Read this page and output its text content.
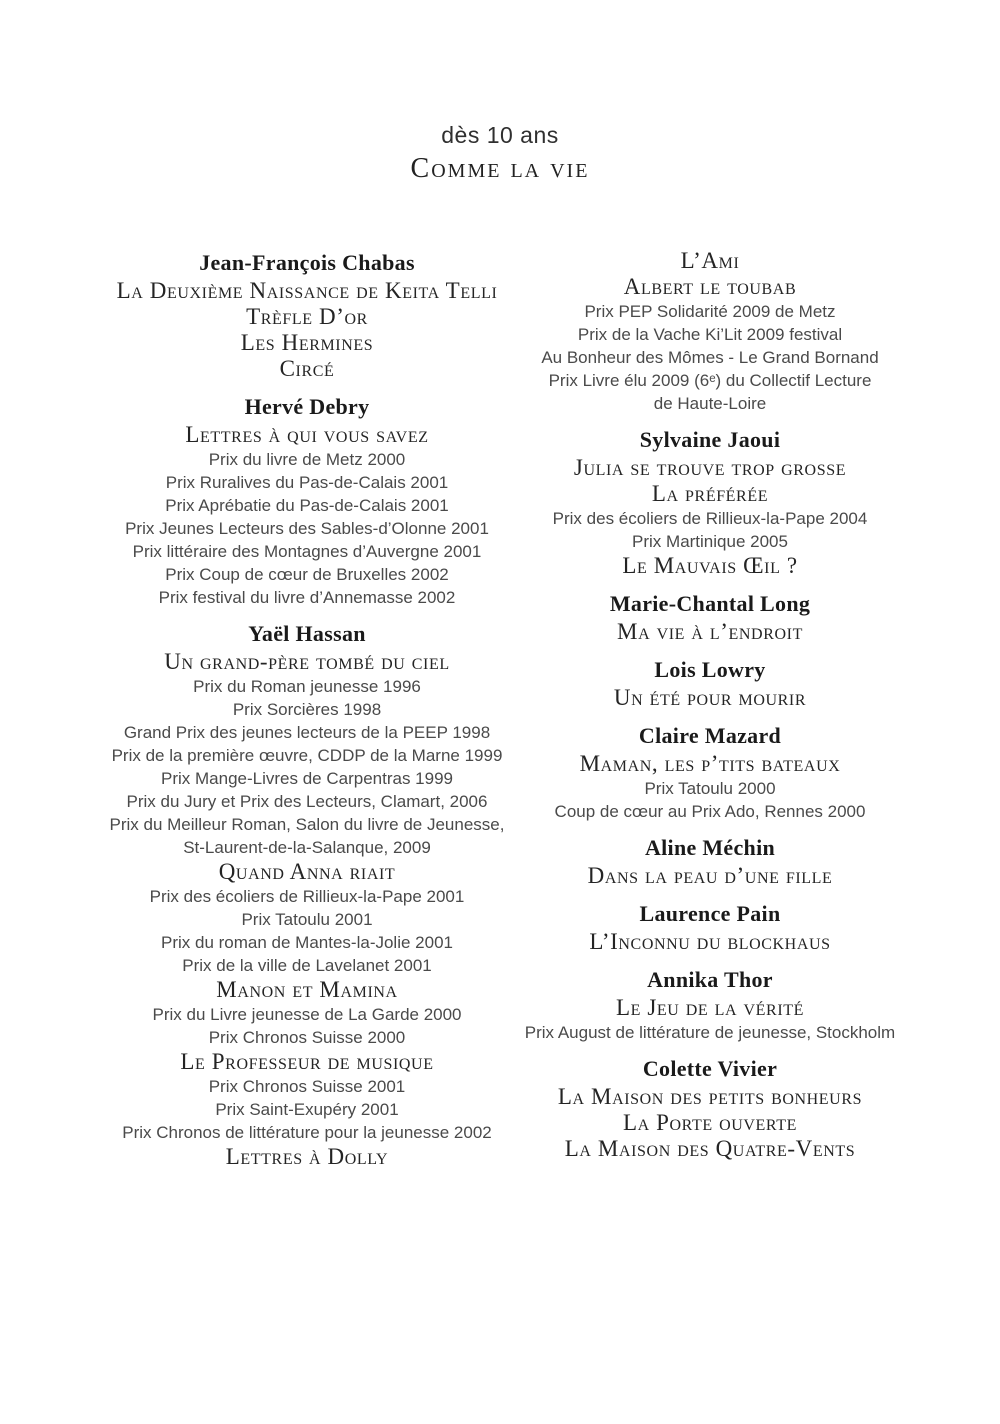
dès 10 ans
Comme la vie
Jean-François Chabas
La Deuxième Naissance de Keita Telli
Trèfle D’or
Les Hermines
Circé
Hervé Debry
Lettres à qui vous savez
Prix du livre de Metz 2000
Prix Ruralives du Pas-de-Calais 2001
Prix Aprébatie du Pas-de-Calais 2001
Prix Jeunes Lecteurs des Sables-d’Olonne 2001
Prix littéraire des Montagnes d’Auvergne 2001
Prix Coup de cœur de Bruxelles 2002
Prix festival du livre d’Annemasse 2002
Yaël Hassan
Un grand-père tombé du ciel
Prix du Roman jeunesse 1996
Prix Sorcières 1998
Grand Prix des jeunes lecteurs de la PEEP 1998
Prix de la première œuvre, CDDP de la Marne 1999
Prix Mange-Livres de Carpentras 1999
Prix du Jury et Prix des Lecteurs, Clamart, 2006
Prix du Meilleur Roman, Salon du livre de Jeunesse,
St-Laurent-de-la-Salanque, 2009
Quand Anna riait
Prix des écoliers de Rillieux-la-Pape 2001
Prix Tatoulu 2001
Prix du roman de Mantes-la-Jolie 2001
Prix de la ville de Lavelanet 2001
Manon et Mamina
Prix du Livre jeunesse de La Garde 2000
Prix Chronos Suisse 2000
Le Professeur de musique
Prix Chronos Suisse 2001
Prix Saint-Exupéry 2001
Prix Chronos de littérature pour la jeunesse 2002
Lettres à Dolly
L’Ami
Albert le toubab
Prix PEP Solidarité 2009 de Metz
Prix de la Vache Ki’Lit 2009 festival
Au Bonheur des Mômes - Le Grand Bornand
Prix Livre élu 2009 (6ᵉ) du Collectif Lecture
de Haute-Loire
Sylvaine Jaoui
Julia se trouve trop grosse
La préférée
Prix des écoliers de Rillieux-la-Pape 2004
Prix Martinique 2005
Le Mauvais Œil ?
Marie-Chantal Long
Ma vie à l’endroit
Lois Lowry
Un été pour mourir
Claire Mazard
Maman, les p’tits bateaux
Prix Tatoulu 2000
Coup de cœur au Prix Ado, Rennes 2000
Aline Méchin
Dans la peau d’une fille
Laurence Pain
L’Inconnu du blockhaus
Annika Thor
Le Jeu de la vérité
Prix August de littérature de jeunesse, Stockholm
Colette Vivier
La Maison des petits bonheurs
La Porte ouverte
La Maison des Quatre-Vents
